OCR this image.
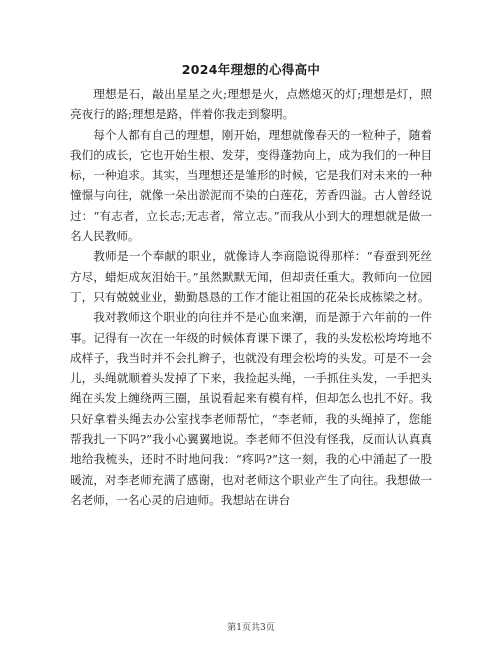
2024年理想的心得高中

理想是石，敲出星星之火;理想是火，点燃熄灭的灯;理想是灯，照亮夜行的路;理想是路，伴着你我走到黎明。

每个人都有自己的理想，刚开始，理想就像春天的一粒种子，随着我们的成长，它也开始生根、发芽，变得蓬勃向上，成为我们的一种目标，一种追求。其实，当理想还是雏形的时候，它是我们对未来的一种憧憬与向往，就像一朵出淤泥而不染的白莲花，芳香四溢。古人曾经说过：“有志者，立长志;无志者，常立志。”而我从小到大的理想就是做一名人民教师。

教师是一个奉献的职业，就像诗人李商隐说得那样：“春蚕到死丝方尽，蜡炬成灰泪始干。”虽然默默无闻，但却责任重大。教师向一位园丁，只有兢兢业业，勤勤恳恳的工作才能让祖国的花朵长成栋梁之材。

我对教师这个职业的向往并不是心血来潮，而是源于六年前的一件事。记得有一次在一年级的时候体育课下课了，我的头发松松垮垮地不成样子，我当时并不会扎辫子，也就没有理会松垮的头发。可是不一会儿，头绳就顺着头发掉了下来，我捡起头绳，一手抓住头发，一手把头绳在头发上缠绕两三圈，虽说看起来有模有样，但却怎么也扎不好。我只好拿着头绳去办公室找李老师帮忙，“李老师，我的头绳掉了，您能帮我扎一下吗?”我小心翼翼地说。李老师不但没有怪我，反而认认真真地给我梳头，还时不时地问我：“疼吗?”这一刻，我的心中涌起了一股暖流，对李老师充满了感谢，也对老师这个职业产生了向往。我想做一名老师，一名心灵的启迪师。我想站在讲台

第1页共3页
